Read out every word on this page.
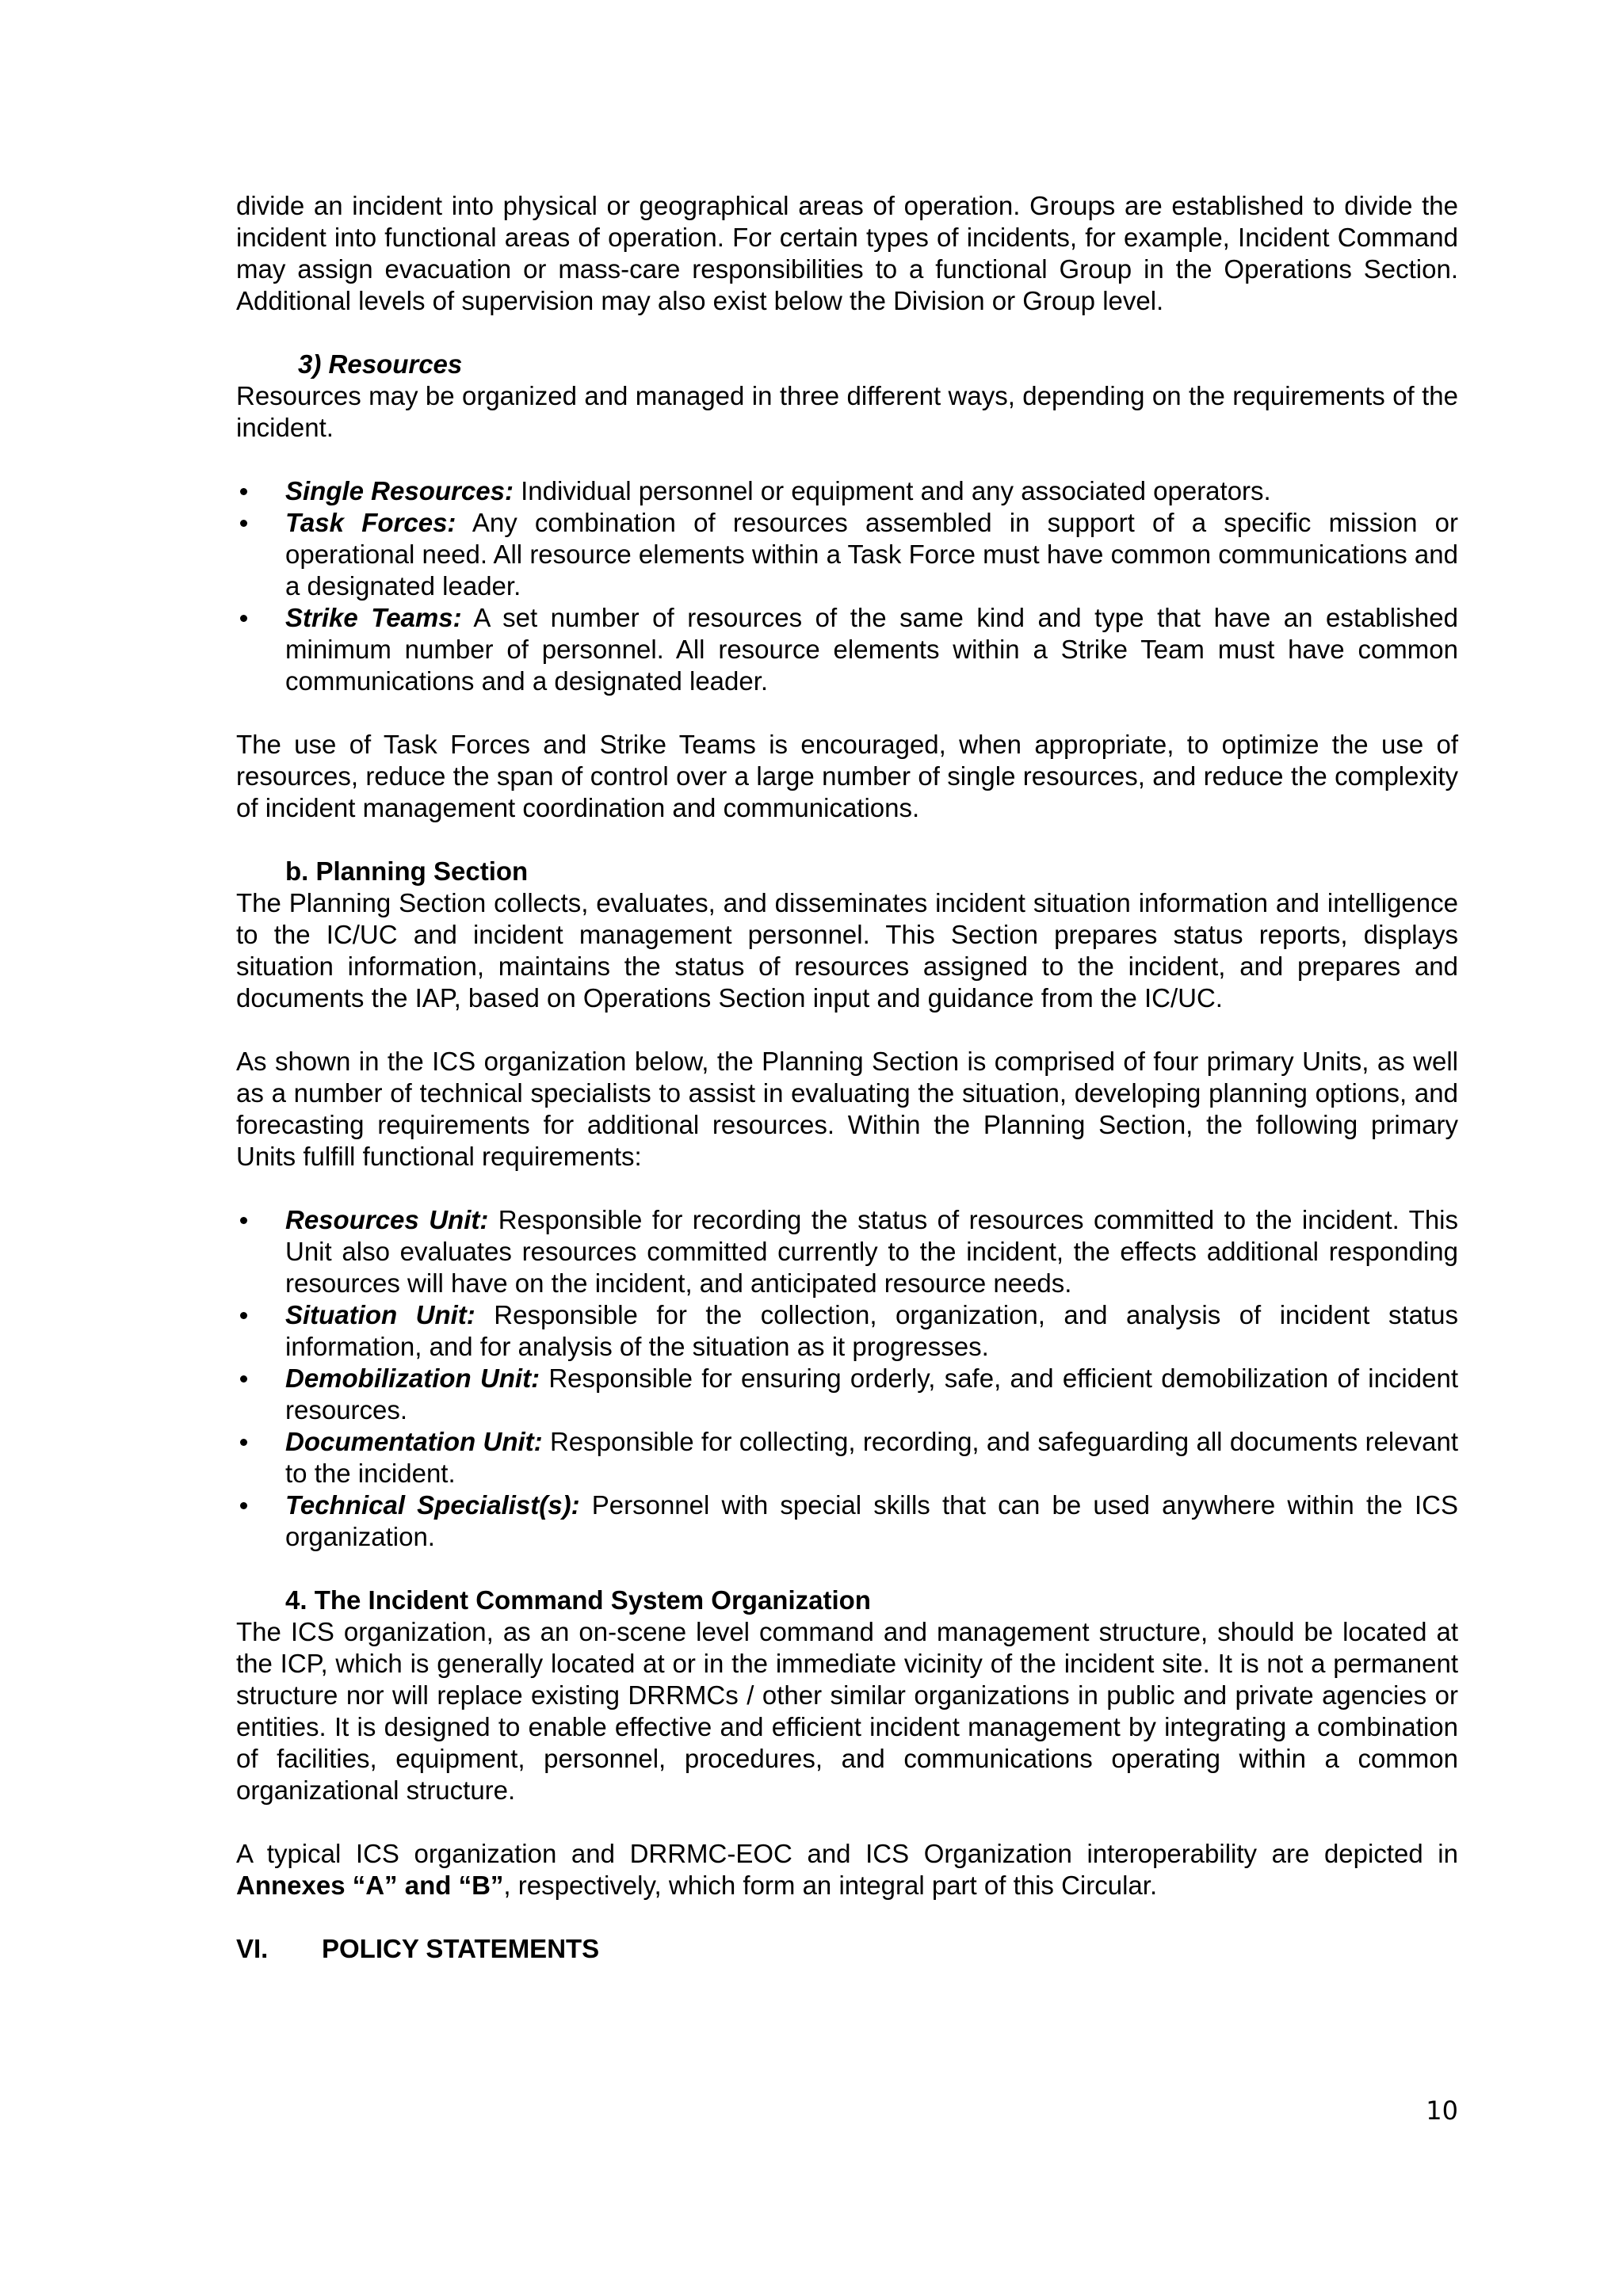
divide an incident into physical or geographical areas of operation. Groups are established to divide the incident into functional areas of operation. For certain types of incidents, for example, Incident Command may assign evacuation or mass-care responsibilities to a functional Group in the Operations Section. Additional levels of supervision may also exist below the Division or Group level.

3) Resources

Resources may be organized and managed in three different ways, depending on the requirements of the incident.

Single Resources: Individual personnel or equipment and any associated operators.
Task Forces: Any combination of resources assembled in support of a specific mission or operational need. All resource elements within a Task Force must have common communications and a designated leader.
Strike Teams: A set number of resources of the same kind and type that have an established minimum number of personnel. All resource elements within a Strike Team must have common communications and a designated leader.

The use of Task Forces and Strike Teams is encouraged, when appropriate, to optimize the use of resources, reduce the span of control over a large number of single resources, and reduce the complexity of incident management coordination and communications.

b. Planning Section

The Planning Section collects, evaluates, and disseminates incident situation information and intelligence to the IC/UC and incident management personnel. This Section prepares status reports, displays situation information, maintains the status of resources assigned to the incident, and prepares and documents the IAP, based on Operations Section input and guidance from the IC/UC.

As shown in the ICS organization below, the Planning Section is comprised of four primary Units, as well as a number of technical specialists to assist in evaluating the situation, developing planning options, and forecasting requirements for additional resources. Within the Planning Section, the following primary Units fulfill functional requirements:

Resources Unit: Responsible for recording the status of resources committed to the incident. This Unit also evaluates resources committed currently to the incident, the effects additional responding resources will have on the incident, and anticipated resource needs.
Situation Unit: Responsible for the collection, organization, and analysis of incident status information, and for analysis of the situation as it progresses.
Demobilization Unit: Responsible for ensuring orderly, safe, and efficient demobilization of incident resources.
Documentation Unit: Responsible for collecting, recording, and safeguarding all documents relevant to the incident.
Technical Specialist(s): Personnel with special skills that can be used anywhere within the ICS organization.
4. The Incident Command System Organization

The ICS organization, as an on-scene level command and management structure, should be located at the ICP, which is generally located at or in the immediate vicinity of the incident site. It is not a permanent structure nor will replace existing DRRMCs / other similar organizations in public and private agencies or entities. It is designed to enable effective and efficient incident management by integrating a combination of facilities, equipment, personnel, procedures, and communications operating within a common organizational structure.

A typical ICS organization and DRRMC-EOC and ICS Organization interoperability are depicted in Annexes “A” and “B”, respectively, which form an integral part of this Circular.

VI.	POLICY STATEMENTS
10
